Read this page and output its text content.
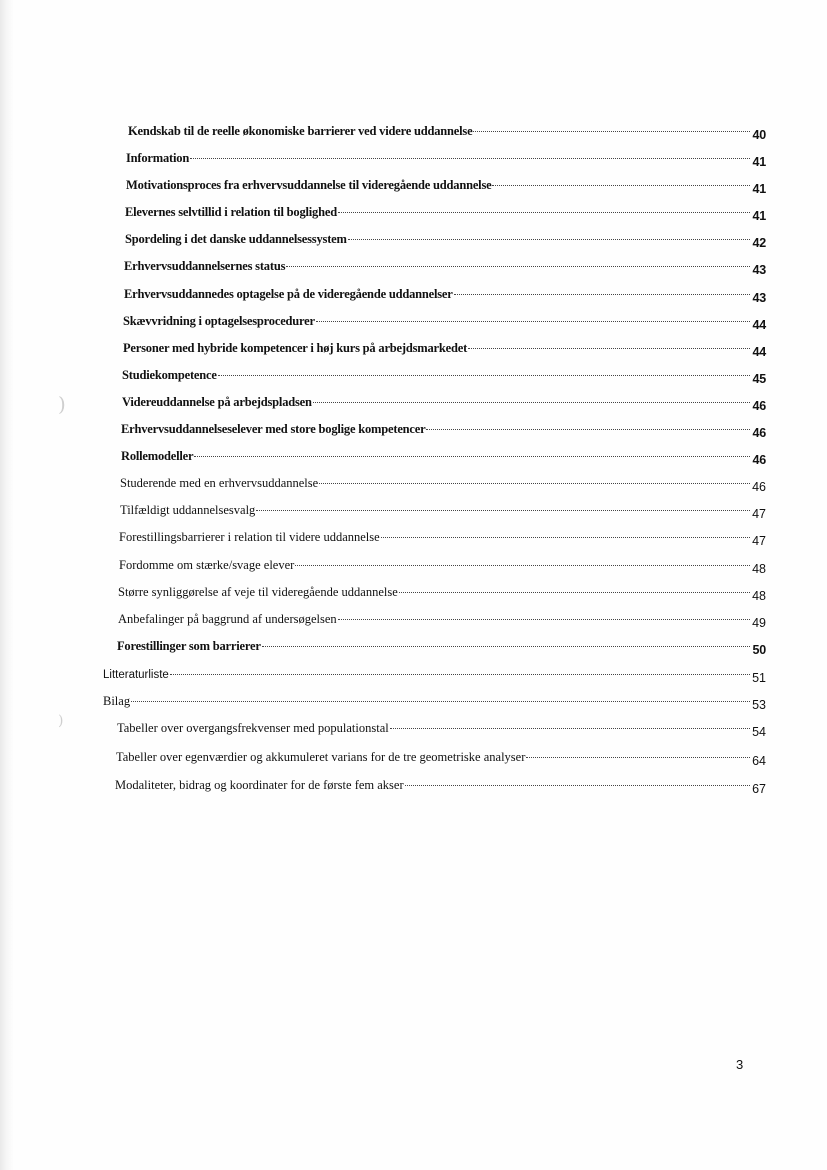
)
)
Kendskab til de reelle økonomiske barrierer ved videre uddannelse	40
Information	41
Motivationsproces fra erhvervsuddannelse til videregående uddannelse	41
Elevernes selvtillid i relation til boglighed	41
Spordeling i det danske uddannelsessystem	42
Erhvervsuddannelsernes status	43
Erhvervsuddannedes optagelse på de videregående uddannelser	43
Skævvridning i optagelsesprocedurer	44
Personer med hybride kompetencer i høj kurs på arbejdsmarkedet	44
Studiekompetence	45
Videreuddannelse på arbejdspladsen	46
Erhvervsuddannelseselever med store boglige kompetencer	46
Rollemodeller	46
Studerende med en erhvervsuddannelse	46
Tilfældigt uddannelsesvalg	47
Forestillingsbarrierer i relation til videre uddannelse	47
Fordomme om stærke/svage elever	48
Større synliggørelse af veje til videregående uddannelse	48
Anbefalinger på baggrund af undersøgelsen	49
Forestillinger som barrierer	50
Litteraturliste	51
Bilag	53
Tabeller over overgangsfrekvenser med populationstal	54
Tabeller over egenværdier og akkumuleret varians for de tre geometriske analyser	64
Modaliteter, bidrag og koordinater for de første fem akser	67
3
